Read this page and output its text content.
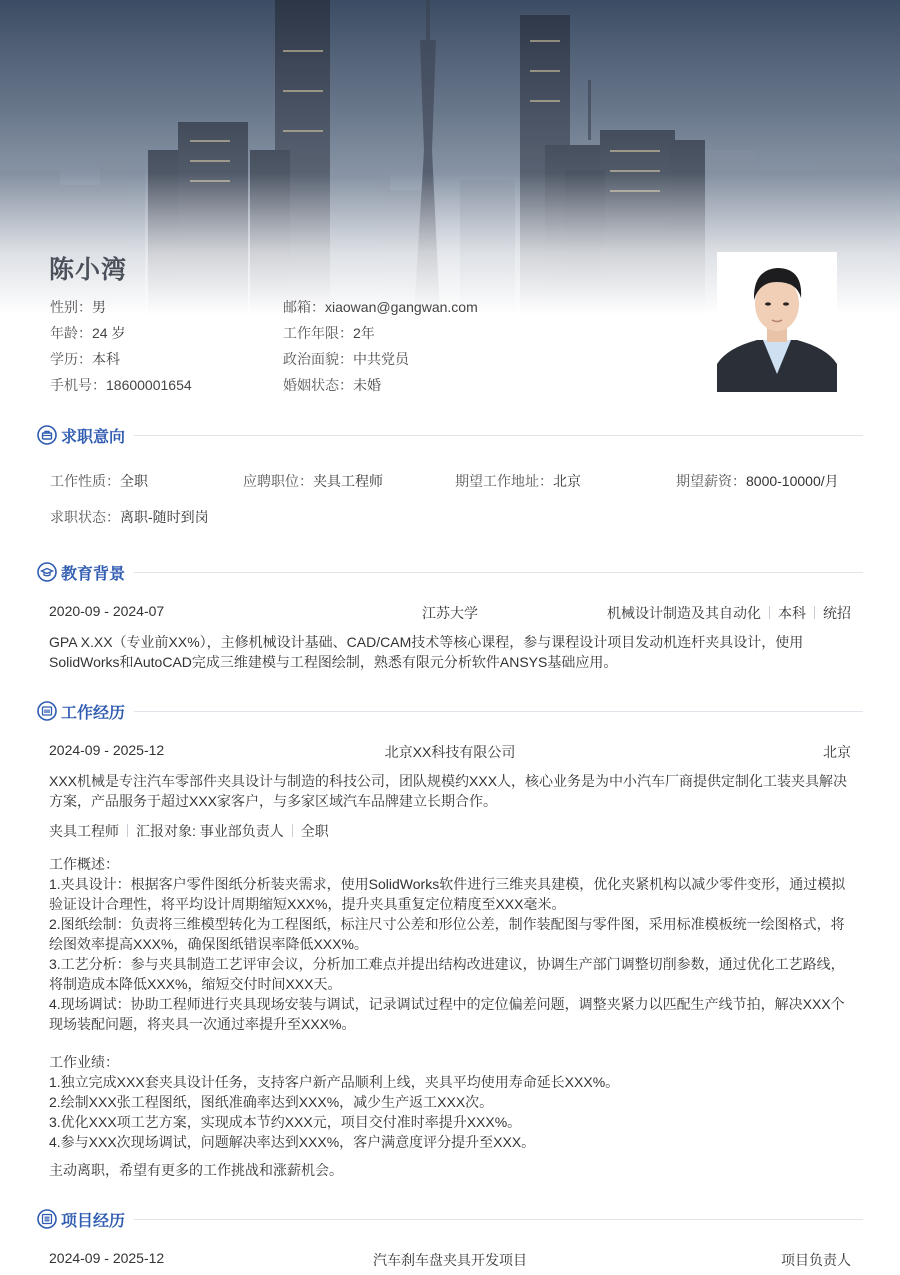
陈小湾
性别：男	邮箱：xiaowan@gangwan.com
年龄：24 岁	工作年限：2年
学历：本科	政治面貌：中共党员
手机号：18600001654	婚姻状态：未婚
求职意向
工作性质：全职	应聘职位：夹具工程师	期望工作地址：北京	期望薪资：8000-10000/月
求职状态：离职-随时到岗
教育背景
2020-09 - 2024-07	江苏大学	机械设计制造及其自动化 本科 统招
GPA X.XX（专业前XX%），主修机械设计基础、CAD/CAM技术等核心课程，参与课程设计项目发动机连杆夹具设计，使用SolidWorks和AutoCAD完成三维建模与工程图绘制，熟悉有限元分析软件ANSYS基础应用。
工作经历
2024-09 - 2025-12	北京XX科技有限公司	北京
XXX机械是专注汽车零部件夹具设计与制造的科技公司，团队规模约XXX人，核心业务是为中小汽车厂商提供定制化工装夹具解决方案，产品服务于超过XXX家客户，与多家区域汽车品牌建立长期合作。
夹具工程师 汇报对象: 事业部负责人 全职
工作概述：
1.夹具设计：根据客户零件图纸分析装夹需求，使用SolidWorks软件进行三维夹具建模，优化夹紧机构以减少零件变形，通过模拟验证设计合理性，将平均设计周期缩短XXX%，提升夹具重复定位精度至XXX毫米。
2.图纸绘制：负责将三维模型转化为工程图纸，标注尺寸公差和形位公差，制作装配图与零件图，采用标准模板统一绘图格式，将绘图效率提高XXX%，确保图纸错误率降低XXX%。
3.工艺分析：参与夹具制造工艺评审会议，分析加工难点并提出结构改进建议，协调生产部门调整切削参数，通过优化工艺路线，将制造成本降低XXX%，缩短交付时间XXX天。
4.现场调试：协助工程师进行夹具现场安装与调试，记录调试过程中的定位偏差问题，调整夹紧力以匹配生产线节拍，解决XXX个现场装配问题，将夹具一次通过率提升至XXX%。
工作业绩：
1.独立完成XXX套夹具设计任务，支持客户新产品顺利上线，夹具平均使用寿命延长XXX%。
2.绘制XXX张工程图纸，图纸准确率达到XXX%，减少生产返工XXX次。
3.优化XXX项工艺方案，实现成本节约XXX元，项目交付准时率提升XXX%。
4.参与XXX次现场调试，问题解决率达到XXX%，客户满意度评分提升至XXX。
主动离职，希望有更多的工作挑战和涨薪机会。
项目经历
2024-09 - 2025-12	汽车刹车盘夹具开发项目	项目负责人
